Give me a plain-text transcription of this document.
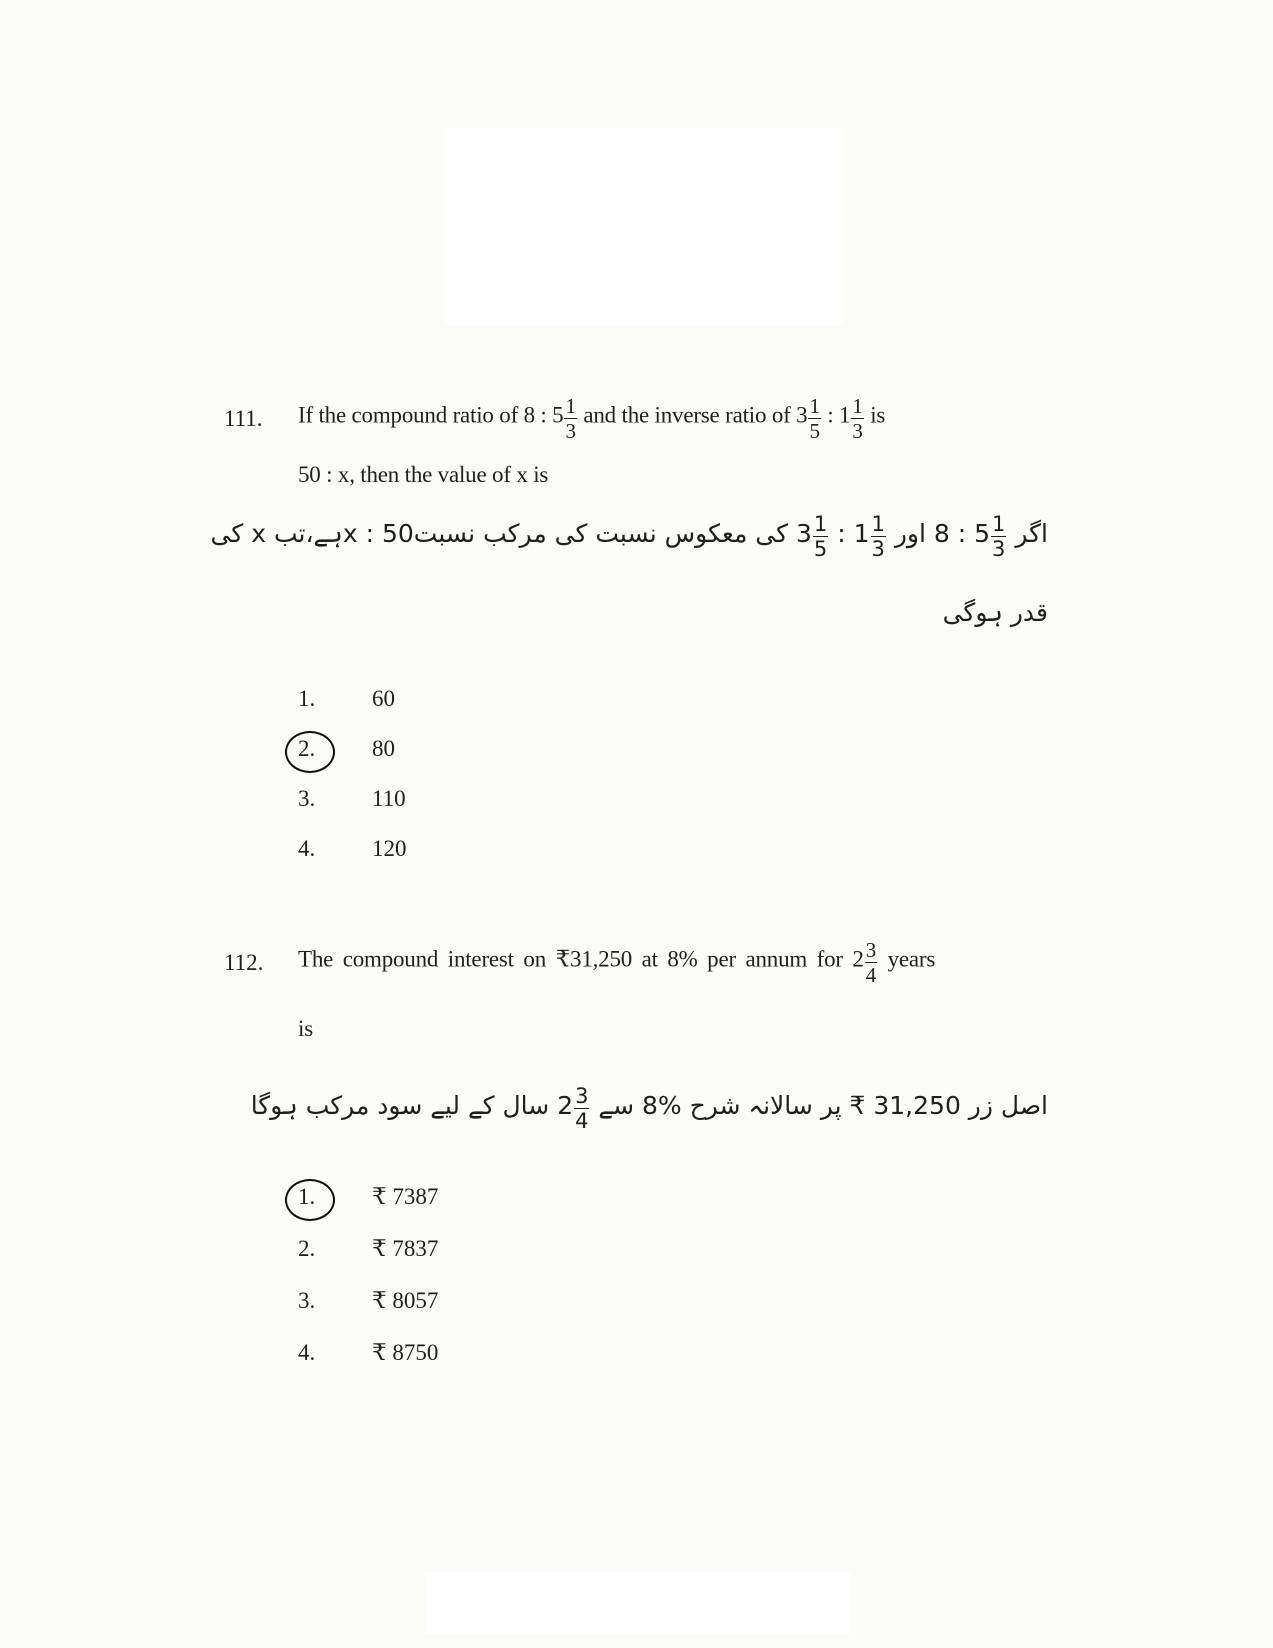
111. If the compound ratio of 8 : $5 \frac{1}{3}$ and the inverse ratio of $3 \frac{1}{5}$ : $1 \frac{1}{3}$ is
50 : x, then the value of x is
اگر 8 : $5 \frac{1}{3}$
اور $3 \frac{1}{5}$ : $1 \frac{1}{3}$
کی معکوس نسبت کی مرکب نسبتx : 50ہے،تب x کی
قدر ہوگی
1. 60
2. 80
3. 110
4. 120
112. The compound interest on ₹31,250 at 8% per annum for $2 \frac{3}{4}$ years
is
اصل زر ₹ 31,250 پر سالانہ شرح 8% سے $2 \frac{3}{4}$
سال کے لیے سود مرکب ہوگا
1. ₹ 7387
2. ₹ 7837
3. ₹ 8057
4. ₹ 8750
